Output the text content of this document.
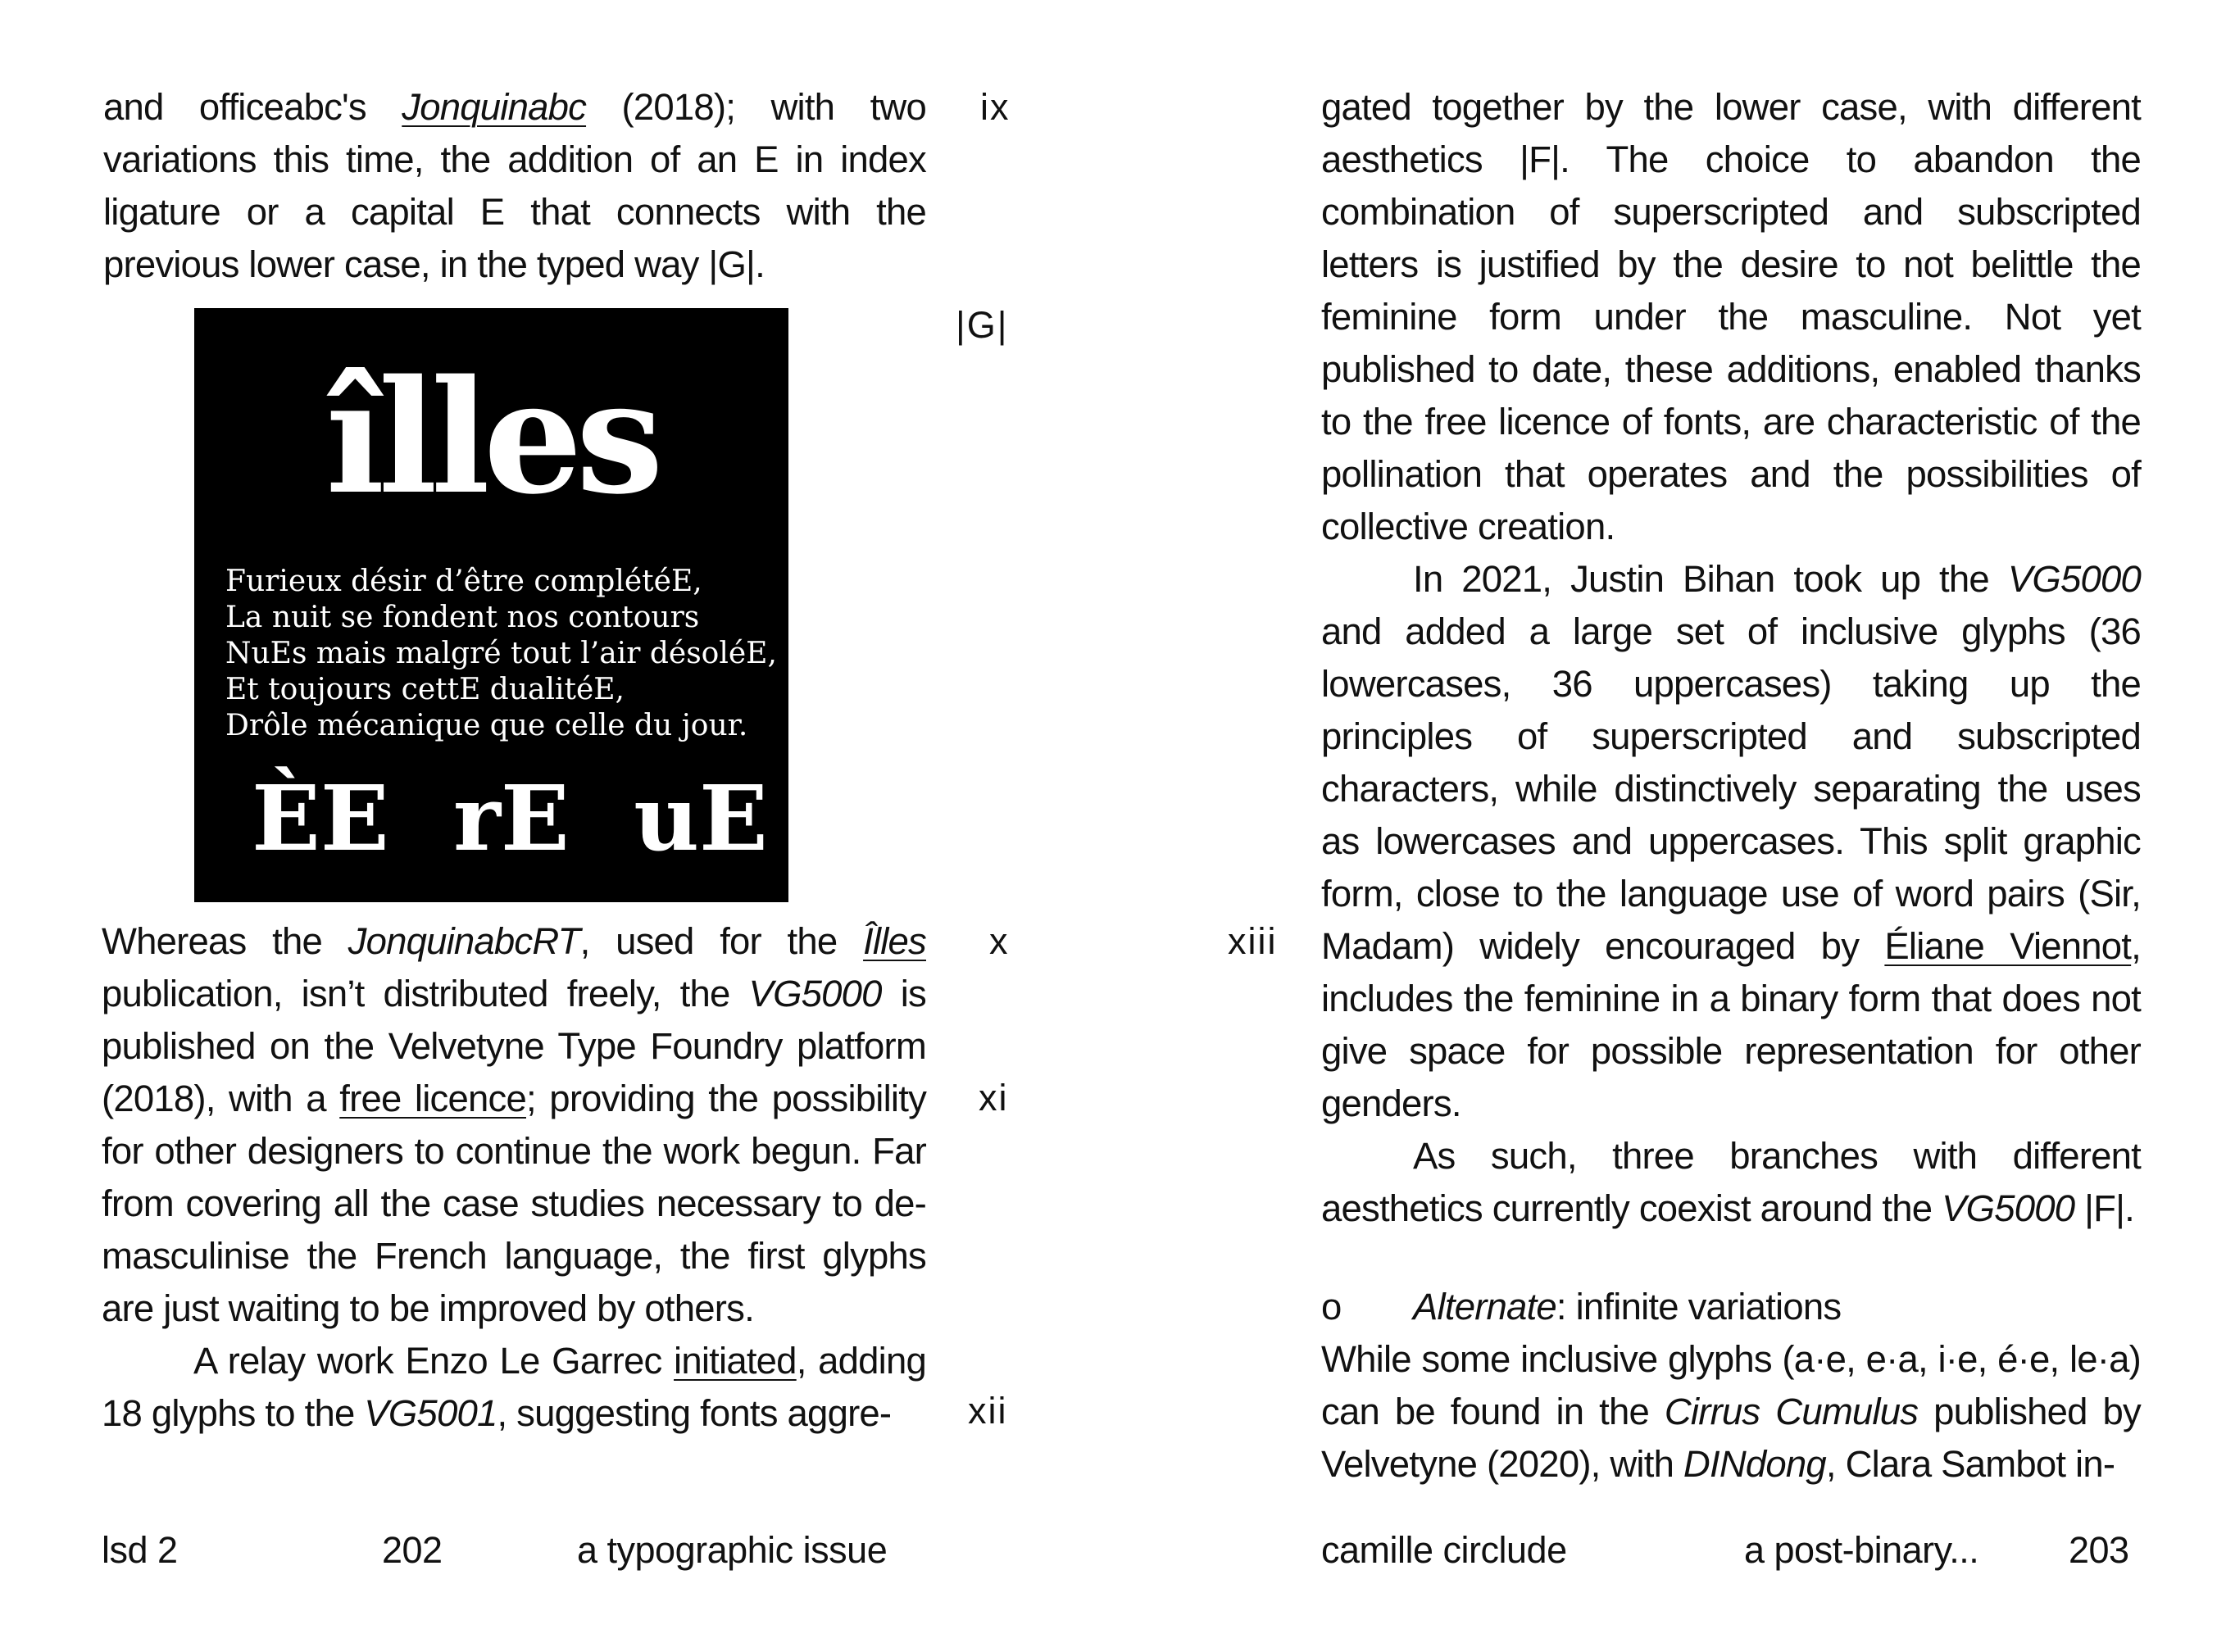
and officeabc's Jonquinabc (2018); with two variations this time, the addition of an E in index ligature or a capital E that connects with the previous lower case, in the typed way |G|.

îlles
Furieux désir d’être complétéE,
La nuit se fondent nos contours
NuEs mais malgré tout l’air désoléE,
Et toujours cettE dualitéE,
Drôle mécanique que celle du jour.
ÈE rE uE

Whereas the JonquinabcRT, used for the Îlles publication, isn’t distributed freely, the VG5000 is published on the Velvetyne Type Foundry platform (2018), with a free licence; providing the possibility for other designers to continue the work begun. Far from covering all the case studies necessary to de-masculinise the French language, the first glyphs are just waiting to be improved by others.

A relay work Enzo Le Garrec initiated, adding 18 glyphs to the VG5001, suggesting fonts aggre-

ix
|G|
x
xi
xii
lsd 2	202	a typographic issue

gated together by the lower case, with different aesthetics |F|. The choice to abandon the combination of superscripted and subscripted letters is justified by the desire to not belittle the feminine form under the masculine. Not yet published to date, these additions, enabled thanks to the free licence of fonts, are characteristic of the pollination that operates and the possibilities of collective creation.

In 2021, Justin Bihan took up the VG5000 and added a large set of inclusive glyphs (36 lowercases, 36 uppercases) taking up the principles of superscripted and subscripted characters, while distinctively separating the uses as lowercases and uppercases. This split graphic form, close to the language use of word pairs (Sir, Madam) widely encouraged by Éliane Viennot, includes the feminine in a binary form that does not give space for possible representation for other genders.

As such, three branches with different aesthetics currently coexist around the VG5000 |F|.

o Alternate: infinite variations

While some inclusive glyphs (a·e, e·a, i·e, é·e, le·a) can be found in the Cirrus Cumulus published by Velvetyne (2020), with DINdong, Clara Sambot in-

xiii
camille circlude	a post-binary... 203
